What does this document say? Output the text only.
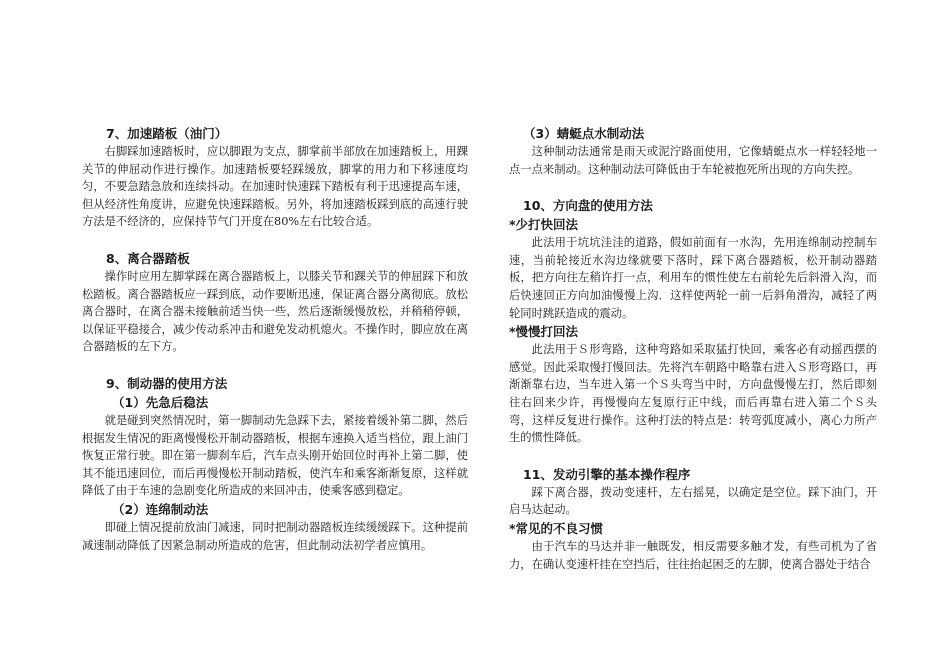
7、加速踏板（油门）

右脚踩加速踏板时，应以脚跟为支点，脚掌前半部放在加速踏板上，用踝关节的伸屈动作进行操作。加速踏板要轻踩缓放，脚掌的用力和下移速度均匀，不要急踏急放和连续抖动。在加速时快速踩下踏板有利于迅速提高车速，但从经济性角度讲，应避免快速踩踏板。另外，将加速踏板踩到底的高速行驶方法是不经济的，应保持节气门开度在80%左右比较合适。

8、离合器踏板

操作时应用左脚掌踩在离合器踏板上，以膝关节和踝关节的伸屈踩下和放松踏板。离合器踏板应一踩到底，动作要断迅速，保证离合器分离彻底。放松离合器时，在离合器未接触前适当快一些，然后逐渐缓慢放松，并稍稍停顿，以保证平稳接合，减少传动系冲击和避免发动机熄火。不操作时，脚应放在离合器踏板的左下方。

9、制动器的使用方法
（1）先急后稳法

就是碰到突然情况时，第一脚制动先急踩下去，紧接着缓补第二脚，然后根据发生情况的距离慢慢松开制动器踏板，根据车速换入适当档位，跟上油门恢复正常行驶。即在第一脚刹车后，汽车点头刚开始回位时再补上第二脚，使其不能迅速回位，而后再慢慢松开制动踏板，使汽车和乘客渐渐复原，这样就降低了由于车速的急剧变化所造成的来回冲击，使乘客感到稳定。

（2）连绵制动法

即碰上情况提前放油门减速，同时把制动器踏板连续缓缓踩下。这种提前减速制动降低了因紧急制动所造成的危害，但此制动法初学者应慎用。

（3）蜻蜓点水制动法

这种制动法通常是雨天或泥泞路面使用，它像蜻蜓点水一样轻轻地一点一点来制动。这种制动法可降低由于车轮被抱死所出现的方向失控。

10、方向盘的使用方法
*少打快回法

此法用于坑坑洼洼的道路，假如前面有一水沟，先用连绵制动控制车速，当前轮接近水沟边缘就要下落时，踩下离合器踏板，松开制动器踏板，把方向往左稍许打一点，利用车的惯性使左右前轮先后斜滑入沟，而后快速回正方向加油慢慢上沟．这样使两轮一前一后斜角滑沟，减轻了两轮同时跳跃造成的震动。

*慢慢打回法

此法用于Ｓ形弯路，这种弯路如采取猛打快回，乘客必有动摇西摆的感觉。因此采取慢打慢回法。先将汽车朝路中略靠右进入Ｓ形弯路口，再渐渐靠右边，当车进入第一个Ｓ头弯当中时，方向盘慢慢左打，然后即刻往右回来少许，再慢慢向左复原行正中线，而后再靠右进入第二个Ｓ头弯，这样反复进行操作。这种打法的特点是：转弯弧度减小，离心力所产生的惯性降低。

11、发动引擎的基本操作程序

踩下离合器，拨动变速杆，左右摇晃，以确定是空位。踩下油门，开启马达起动。

*常见的不良习惯

由于汽车的马达并非一触既发，相反需要多触才发，有些司机为了省力，在确认变速杆挂在空挡后，往往抬起困乏的左脚，使离合器处于结合
